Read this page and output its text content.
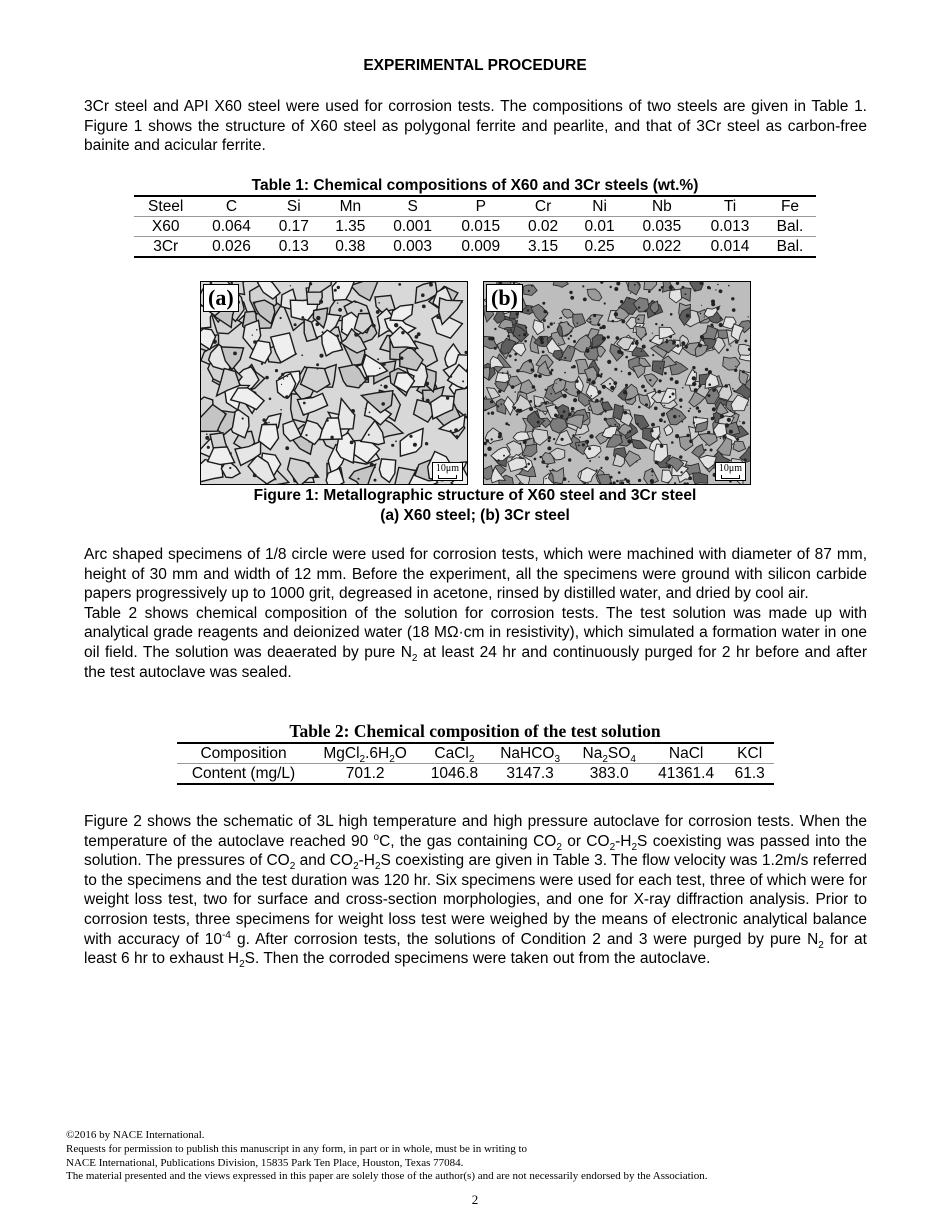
EXPERIMENTAL PROCEDURE

3Cr steel and API X60 steel were used for corrosion tests. The compositions of two steels are given in Table 1. Figure 1 shows the structure of X60 steel as polygonal ferrite and pearlite, and that of 3Cr steel as carbon-free bainite and acicular ferrite.

Table 1: Chemical compositions of X60 and 3Cr steels (wt.%)
Steel	C	Si	Mn	S	P	Cr	Ni	Nb	Ti	Fe
X60	0.064	0.17	1.35	0.001	0.015	0.02	0.01	0.035	0.013	Bal.
3Cr	0.026	0.13	0.38	0.003	0.009	3.15	0.25	0.022	0.014	Bal.
(a)
10μm
(b)
10μm
Figure 1: Metallographic structure of X60 steel and 3Cr steel
(a) X60 steel; (b) 3Cr steel

Arc shaped specimens of 1/8 circle were used for corrosion tests, which were machined with diameter of 87 mm, height of 30 mm and width of 12 mm. Before the experiment, all the specimens were ground with silicon carbide papers progressively up to 1000 grit, degreased in acetone, rinsed by distilled water, and dried by cool air.

Table 2 shows chemical composition of the solution for corrosion tests. The test solution was made up with analytical grade reagents and deionized water (18 MΩ·cm in resistivity), which simulated a formation water in one oil field. The solution was deaerated by pure $N_2$ at least 24 hr and continuously purged for 2 hr before and after the test autoclave was sealed.

Table 2: Chemical composition of the test solution
Composition	$MgCl_2.6H_2O$	CaCl$_2$	NaHCO$_3$	$Na_2SO_4$	NaCl	KCl
Content (mg/L)	701.2	1046.8	3147.3	383.0	41361.4	61.3

Figure 2 shows the schematic of 3L high temperature and high pressure autoclave for corrosion tests. When the temperature of the autoclave reached 90 $^o$C, the gas containing $CO_2$ or $CO_2-H_2S$ coexisting was passed into the solution. The pressures of $CO_2$ and $CO_2-H_2S$ coexisting are given in Table 3. The flow velocity was 1.2m/s referred to the specimens and the test duration was 120 hr. Six specimens were used for each test, three of which were for weight loss test, two for surface and cross-section morphologies, and one for X-ray diffraction analysis. Prior to corrosion tests, three specimens for weight loss test were weighed by the means of electronic analytical balance with accuracy of $10^{-4}$ g. After corrosion tests, the solutions of Condition 2 and 3 were purged by pure $N_2$ for at least 6 hr to exhaust $H_2S$. Then the corroded specimens were taken out from the autoclave.

©2016 by NACE International.
Requests for permission to publish this manuscript in any form, in part or in whole, must be in writing to
NACE International, Publications Division, 15835 Park Ten Place, Houston, Texas 77084.
The material presented and the views expressed in this paper are solely those of the author(s) and are not necessarily endorsed by the Association.
2
